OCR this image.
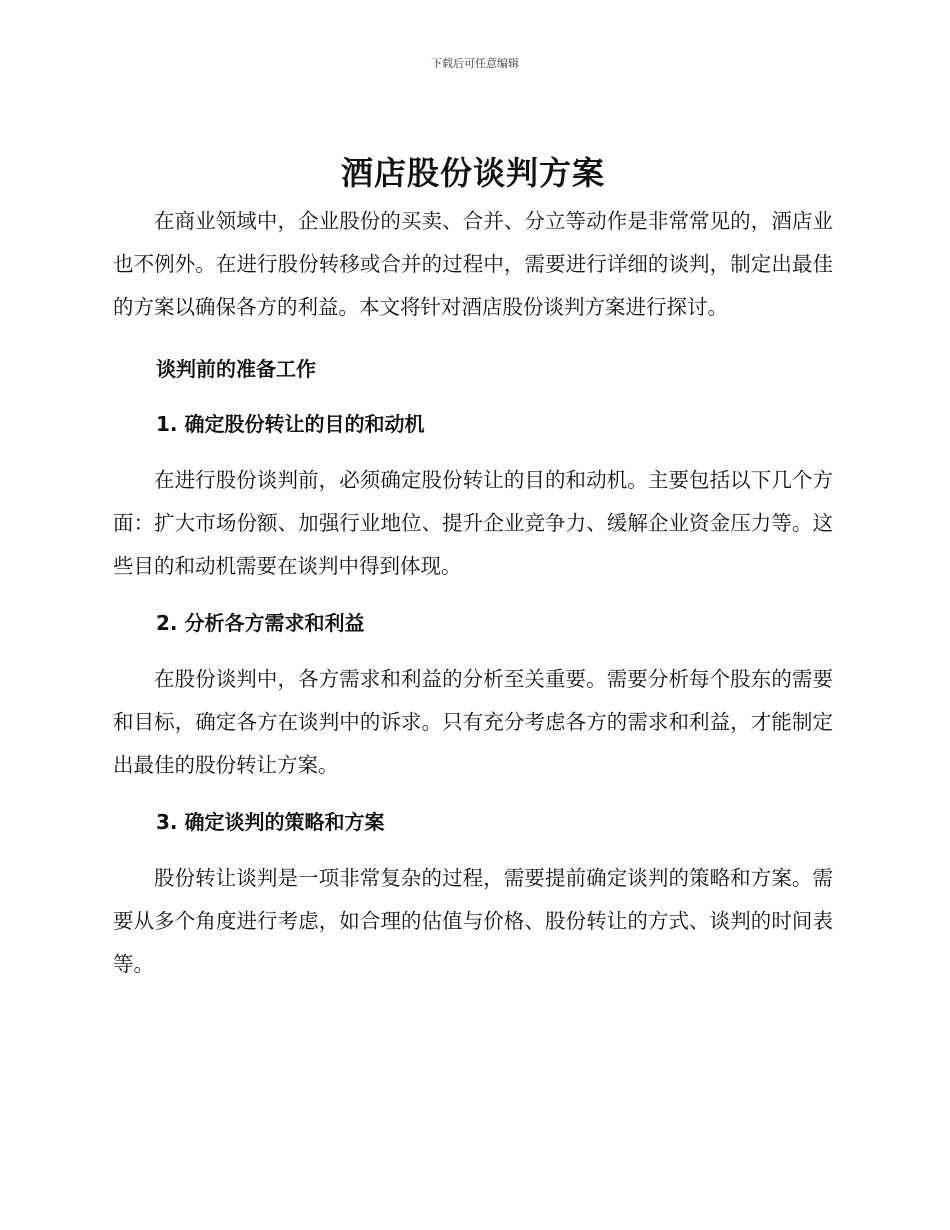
下载后可任意编辑
酒店股份谈判方案

在商业领域中，企业股份的买卖、合并、分立等动作是非常常见的，酒店业也不例外。在进行股份转移或合并的过程中，需要进行详细的谈判，制定出最佳的方案以确保各方的利益。本文将针对酒店股份谈判方案进行探讨。

谈判前的准备工作
1. 确定股份转让的目的和动机

在进行股份谈判前，必须确定股份转让的目的和动机。主要包括以下几个方面：扩大市场份额、加强行业地位、提升企业竞争力、缓解企业资金压力等。这些目的和动机需要在谈判中得到体现。

2. 分析各方需求和利益

在股份谈判中，各方需求和利益的分析至关重要。需要分析每个股东的需要和目标，确定各方在谈判中的诉求。只有充分考虑各方的需求和利益，才能制定出最佳的股份转让方案。

3. 确定谈判的策略和方案

股份转让谈判是一项非常复杂的过程，需要提前确定谈判的策略和方案。需要从多个角度进行考虑，如合理的估值与价格、股份转让的方式、谈判的时间表等。
